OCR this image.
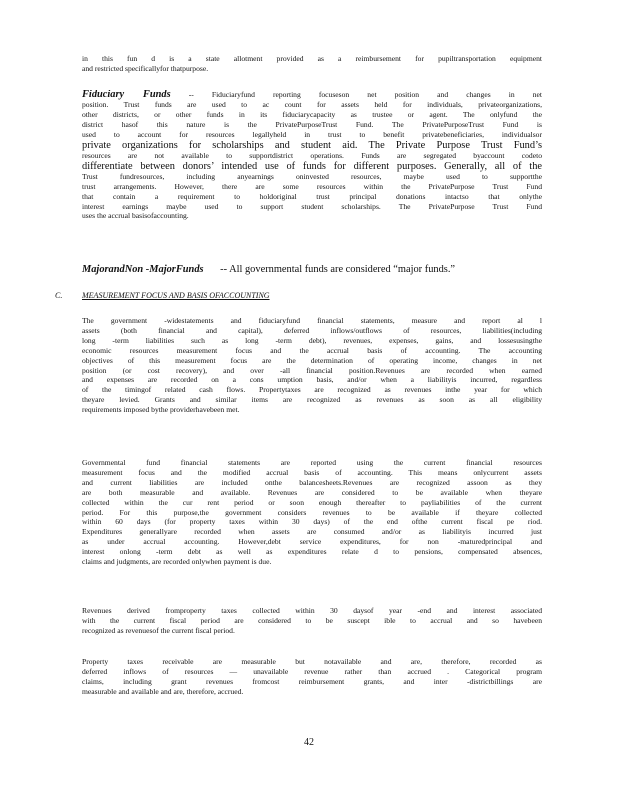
in this fun d is a state allotment provided as a reimbursement for pupiltransportation equipment
and restricted specificallyfor thatpurpose.
Fiduciary Funds -- Fiduciaryfund reporting focuseson net position and changes in net
position. Trust funds are used to ac count for assets held for individuals, privateorganizations,
other districts, or other funds in its fiduciarycapacity as trustee or agent. The onlyfund the
district hasof this nature is the PrivatePurposeTrust Fund. The PrivatePurposeTrust Fund is
used to account for resources legallyheld in trust to benefit privatebeneficiaries, individualsor
private organizations for scholarships and student aid. The Private Purpose Trust Fund’s
resources are not available to supportdistrict operations. Funds are segregated byaccount codeto
differentiate between donors’ intended use of funds for different purposes. Generally, all of the
Trust fundresources, including anyearnings oninvested resources, maybe used to supportthe
trust arrangements. However, there are some resources within the PrivatePurpose Trust Fund
that contain a requirement to holdoriginal trust principal donations intactso that onlythe
interest earnings maybe used to support student scholarships. The PrivatePurpose Trust Fund
uses the accrual basisofaccounting.
MajorandNon -MajorFunds -- All governmental funds are considered “major funds.”
C. MEASUREMENT FOCUS AND BASIS OFACCOUNTING
The government -widestatements and fiduciaryfund financial statements, measure and report al l
assets (both financial and capital), deferred inflows/outflows of resources, liabilities(including
long -term liabilities such as long -term debt), revenues, expenses, gains, and lossesusingthe
economic resources measurement focus and the accrual basis of accounting. The accounting
objectives of this measurement focus are the determination of operating income, changes in net
position (or cost recovery), and over -all financial position.Revenues are recorded when earned
and expenses are recorded on a cons umption basis, and/or when a liabilityis incurred, regardless
of the timingof related cash flows. Propertytaxes are recognized as revenues inthe year for which
theyare levied. Grants and similar items are recognized as revenues as soon as all eligibility
requirements imposed bythe providerhavebeen met.
Governmental fund financial statements are reported using the current financial resources
measurement focus and the modified accrual basis of accounting. This means onlycurrent assets
and current liabilities are included onthe balancesheets.Revenues are recognized assoon as they
are both measurable and available. Revenues are considered to be available when theyare
collected within the cur rent period or soon enough thereafter to payliabilities of the current
period. For this purpose,the government considers revenues to be available if theyare collected
within 60 days (for property taxes within 30 days) of the end ofthe current fiscal pe riod.
Expenditures generallyare recorded when assets are consumed and/or as liabilityis incurred just
as under accrual accounting. However,debt service expenditures, for non -maturedprincipal and
interest onlong -term debt as well as expenditures relate d to pensions, compensated absences,
claims and judgments, are recorded onlywhen payment is due.
Revenues derived fromproperty taxes collected within 30 daysof year -end and interest associated
with the current fiscal period are considered to be suscept ible to accrual and so havebeen
recognized as revenuesof the current fiscal period.
Property taxes receivable are measurable but notavailable and are, therefore, recorded as
deferred inflows of resources — unavailable revenue rather than accrued . Categorical program
claims, including grant revenues fromcost reimbursement grants, and inter -districtbillings are
measurable and available and are, therefore, accrued.
42
